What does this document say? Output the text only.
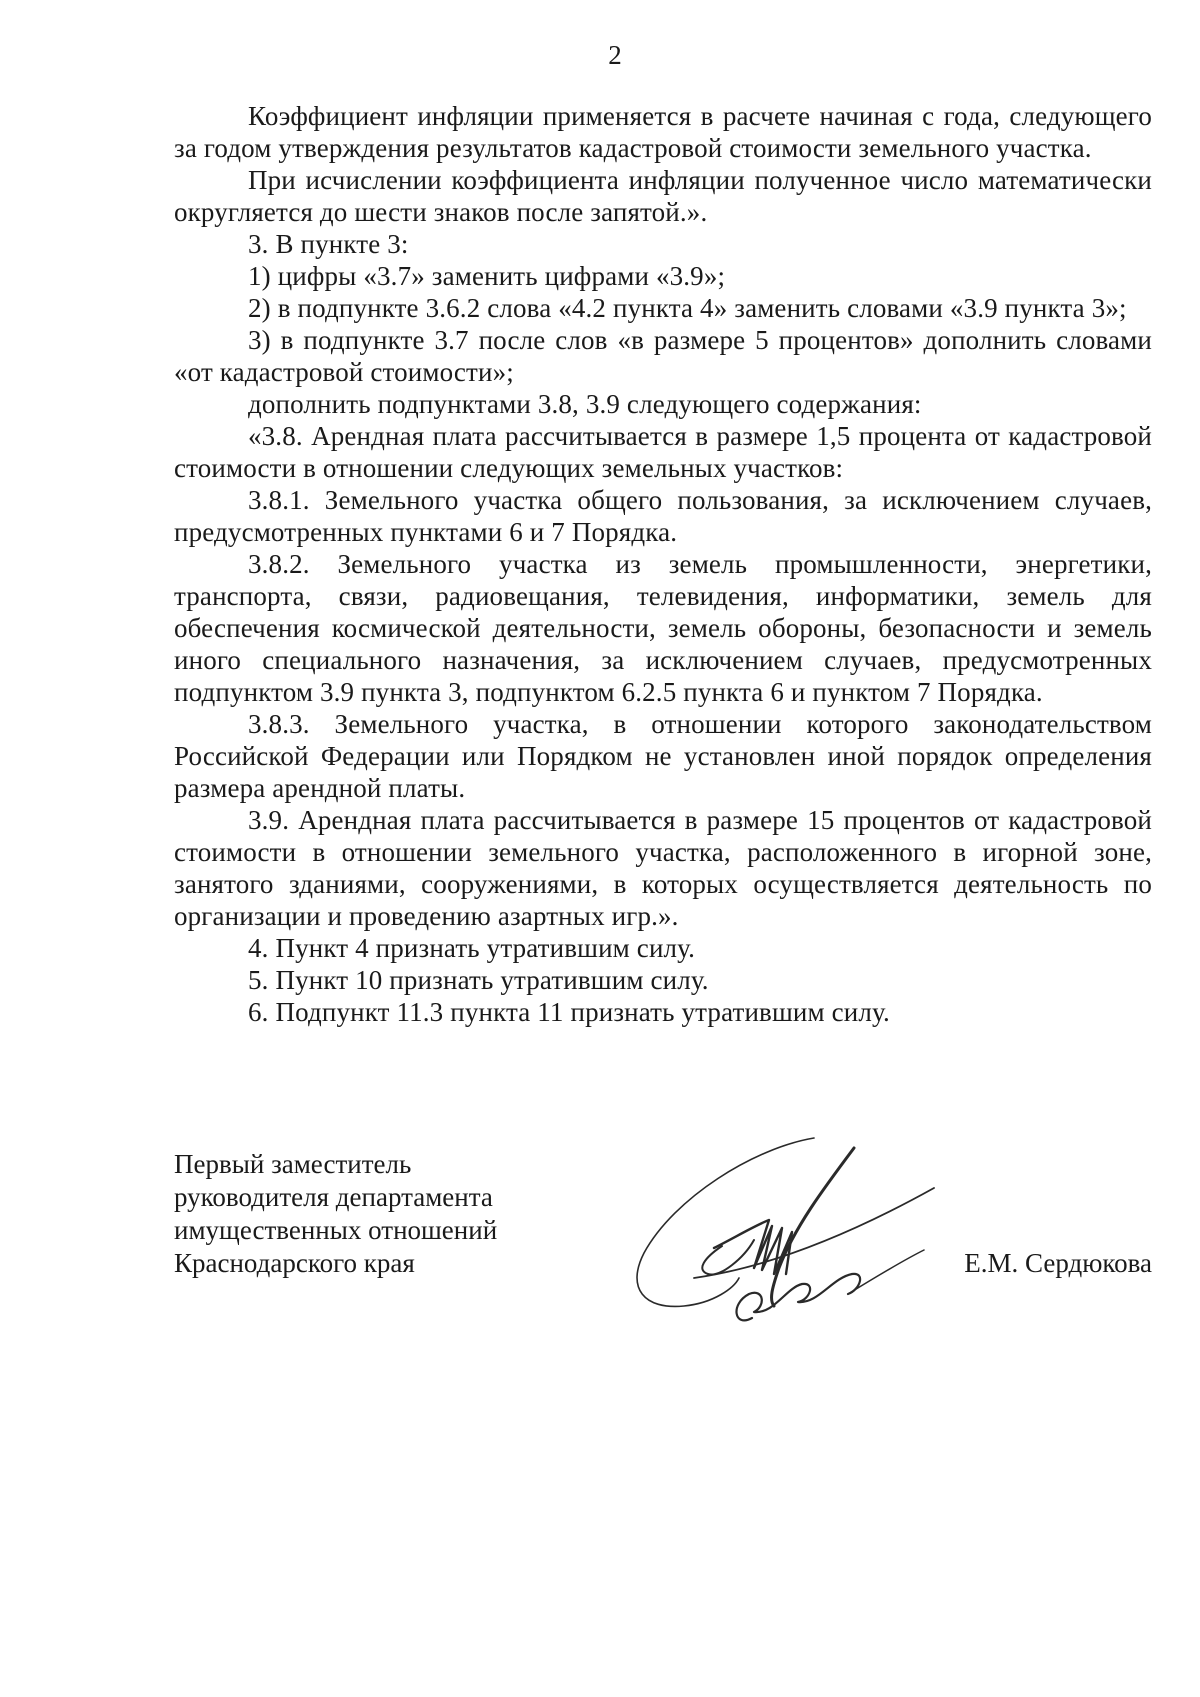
2

Коэффициент инфляции применяется в расчете начиная с года, следующего за годом утверждения результатов кадастровой стоимости земельного участка.

При исчислении коэффициента инфляции полученное число математически округляется до шести знаков после запятой.».

3. В пункте 3:

1) цифры «3.7» заменить цифрами «3.9»;

2) в подпункте 3.6.2 слова «4.2 пункта 4» заменить словами «3.9 пункта 3»;

3) в подпункте 3.7 после слов «в размере 5 процентов» дополнить словами «от кадастровой стоимости»;

дополнить подпунктами 3.8, 3.9 следующего содержания:

«3.8. Арендная плата рассчитывается в размере 1,5 процента от кадастровой стоимости в отношении следующих земельных участков:

3.8.1. Земельного участка общего пользования, за исключением случаев, предусмотренных пунктами 6 и 7 Порядка.

3.8.2. Земельного участка из земель промышленности, энергетики, транспорта, связи, радиовещания, телевидения, информатики, земель для обеспечения космической деятельности, земель обороны, безопасности и земель иного специального назначения, за исключением случаев, предусмотренных подпунктом 3.9 пункта 3, подпунктом 6.2.5 пункта 6 и пунктом 7 Порядка.

3.8.3. Земельного участка, в отношении которого законодательством Российской Федерации или Порядком не установлен иной порядок определения размера арендной платы.

3.9. Арендная плата рассчитывается в размере 15 процентов от кадастровой стоимости в отношении земельного участка, расположенного в игорной зоне, занятого зданиями, сооружениями, в которых осуществляется деятельность по организации и проведению азартных игр.».

4. Пункт 4 признать утратившим силу.

5. Пункт 10 признать утратившим силу.

6. Подпункт 11.3 пункта 11 признать утратившим силу.

Первый заместитель
руководителя департамента
имущественных отношений
Краснодарского края	Е.М. Сердюкова
